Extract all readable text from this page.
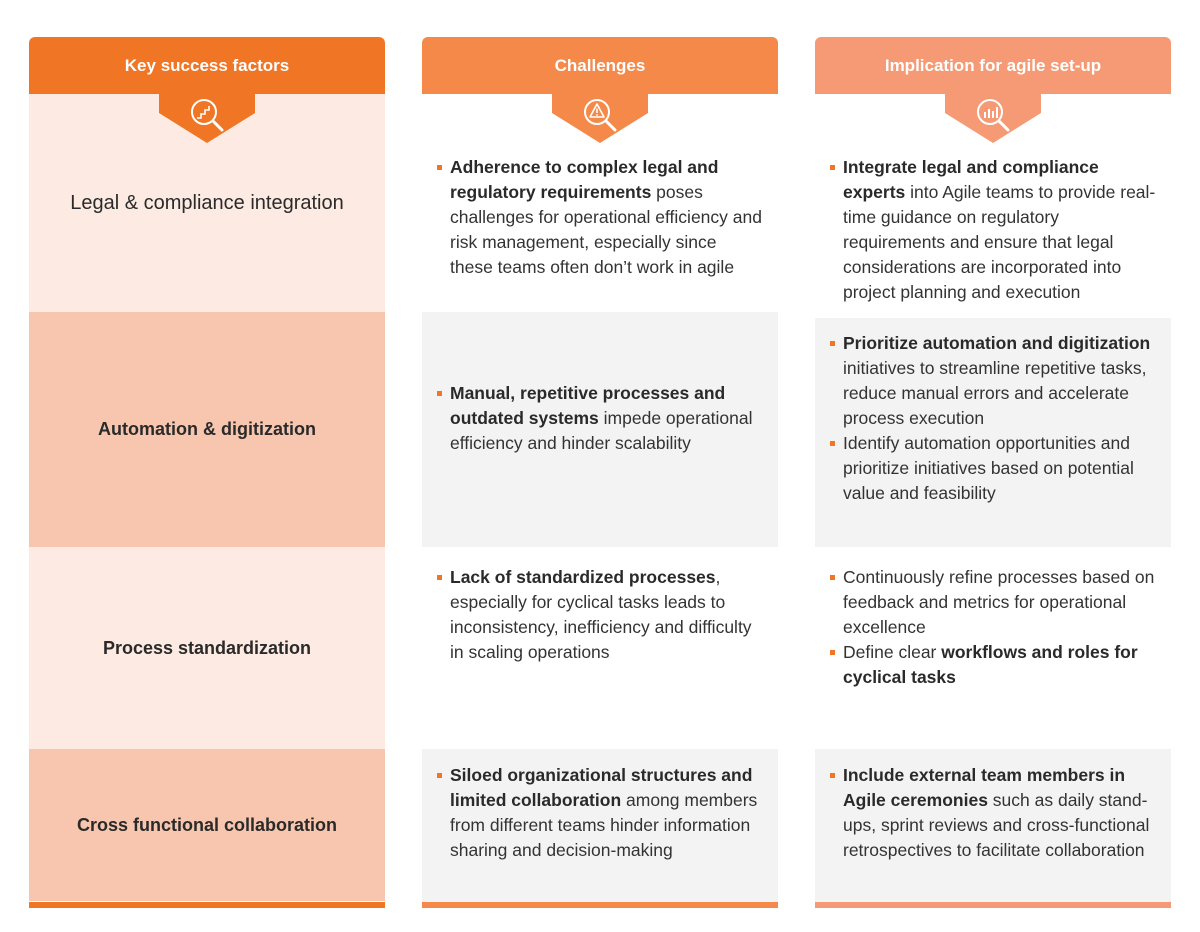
Key success factors	Challenges	Implication for agile set-up
Legal & compliance integration
Automation & digitization
Process standardization
Cross functional collaboration
Adherence to complex legal and regulatory requirements poses challenges for operational efficiency and risk management, especially since these teams often don’t work in agile
Manual, repetitive processes and outdated systems impede operational efficiency and hinder scalability
Lack of standardized processes, especially for cyclical tasks leads to inconsistency, inefficiency and difficulty in scaling operations
Siloed organizational structures and limited collaboration among members from different teams hinder information sharing and decision-making
Integrate legal and compliance experts into Agile teams to provide real-time guidance on regulatory requirements and ensure that legal considerations are incorporated into project planning and execution
Prioritize automation and digitization initiatives to streamline repetitive tasks, reduce manual errors and accelerate process execution
Identify automation opportunities and prioritize initiatives based on potential value and feasibility
Continuously refine processes based on feedback and metrics for operational excellence
Define clear workflows and roles for cyclical tasks
Include external team members in Agile ceremonies such as daily stand-ups, sprint reviews and cross-functional retrospectives to facilitate collaboration
